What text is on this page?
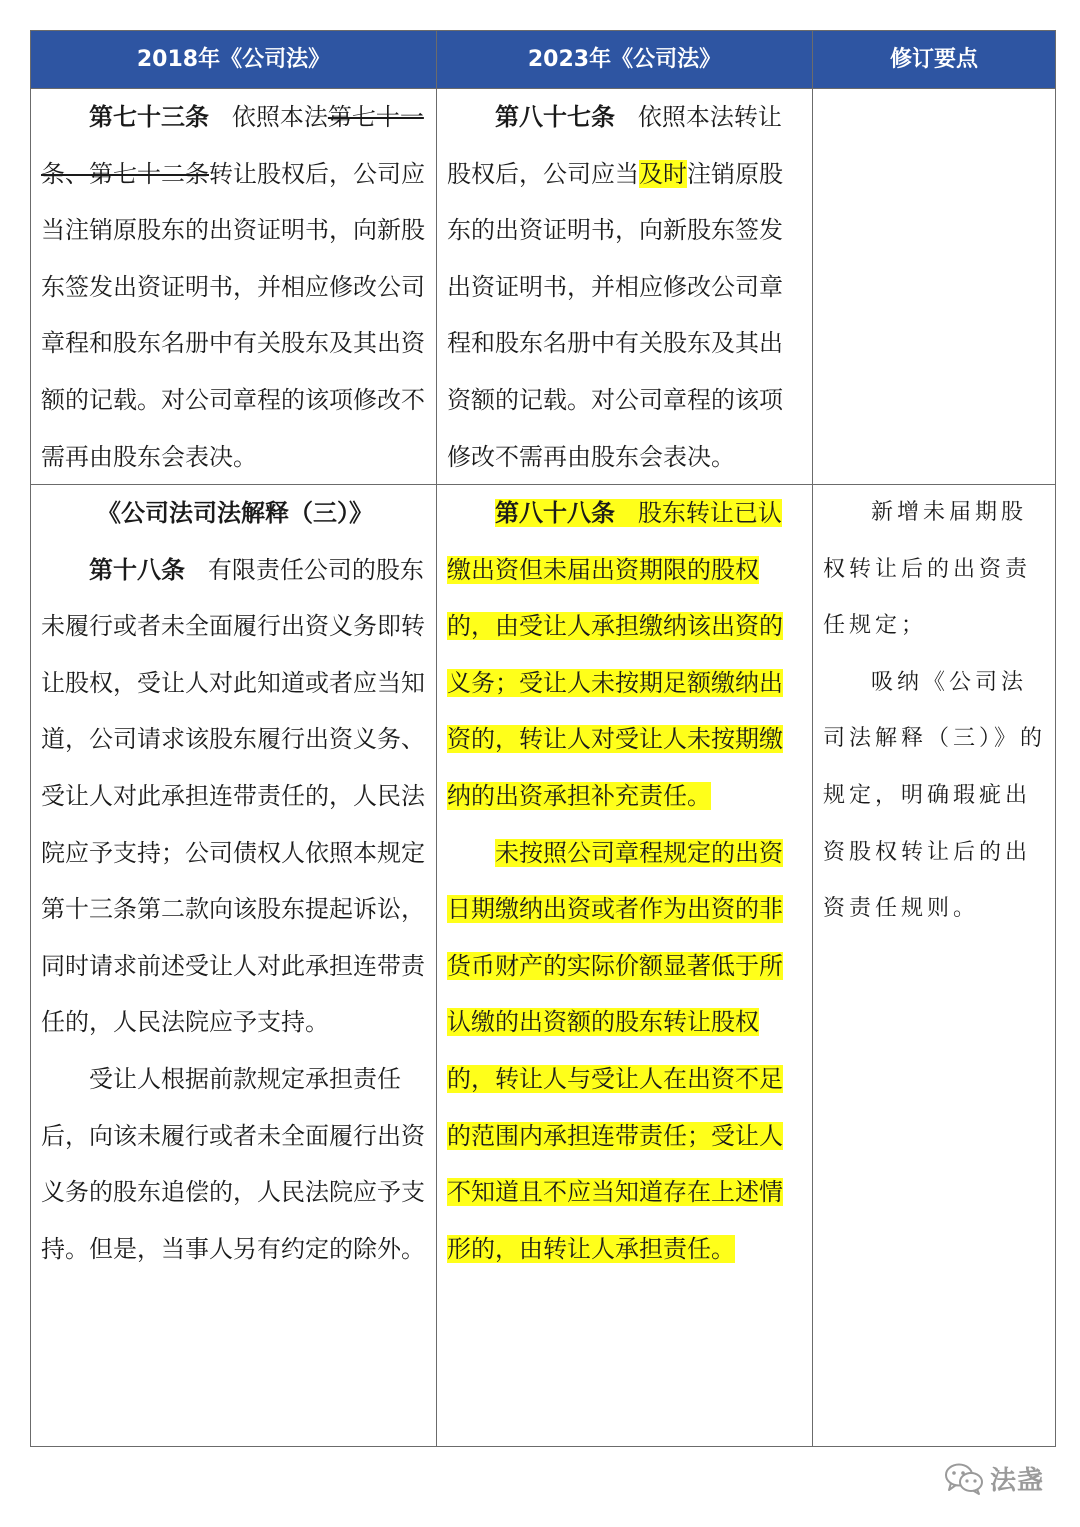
2018年《公司法》	2023年《公司法》	修订要点

第七十三条 依照本法第七十一条、第七十二条转让股权后，公司应当注销原股东的出资证明书，向新股东签发出资证明书，并相应修改公司章程和股东名册中有关股东及其出资额的记载。对公司章程的该项修改不需再由股东会表决。

第八十七条 依照本法转让股权后，公司应当及时注销原股东的出资证明书，向新股东签发出资证明书，并相应修改公司章程和股东名册中有关股东及其出资额的记载。对公司章程的该项修改不需再由股东会表决。

《公司法司法解释（三）》

第十八条 有限责任公司的股东未履行或者未全面履行出资义务即转让股权，受让人对此知道或者应当知道，公司请求该股东履行出资义务、受让人对此承担连带责任的，人民法院应予支持；公司债权人依照本规定第十三条第二款向该股东提起诉讼，同时请求前述受让人对此承担连带责任的，人民法院应予支持。

受让人根据前款规定承担责任后，向该未履行或者未全面履行出资义务的股东追偿的，人民法院应予支持。但是，当事人另有约定的除外。

第八十八条 股东转让已认缴出资但未届出资期限的股权的，由受让人承担缴纳该出资的义务；受让人未按期足额缴纳出资的，转让人对受让人未按期缴纳的出资承担补充责任。

未按照公司章程规定的出资日期缴纳出资或者作为出资的非货币财产的实际价额显著低于所认缴的出资额的股东转让股权的，转让人与受让人在出资不足的范围内承担连带责任；受让人不知道且不应当知道存在上述情形的，由转让人承担责任。

新增未届期股权转让后的出资责任规定；

吸纳《公司法司法解释（三）》的规定，明确瑕疵出资股权转让后的出资责任规则。

法盏
